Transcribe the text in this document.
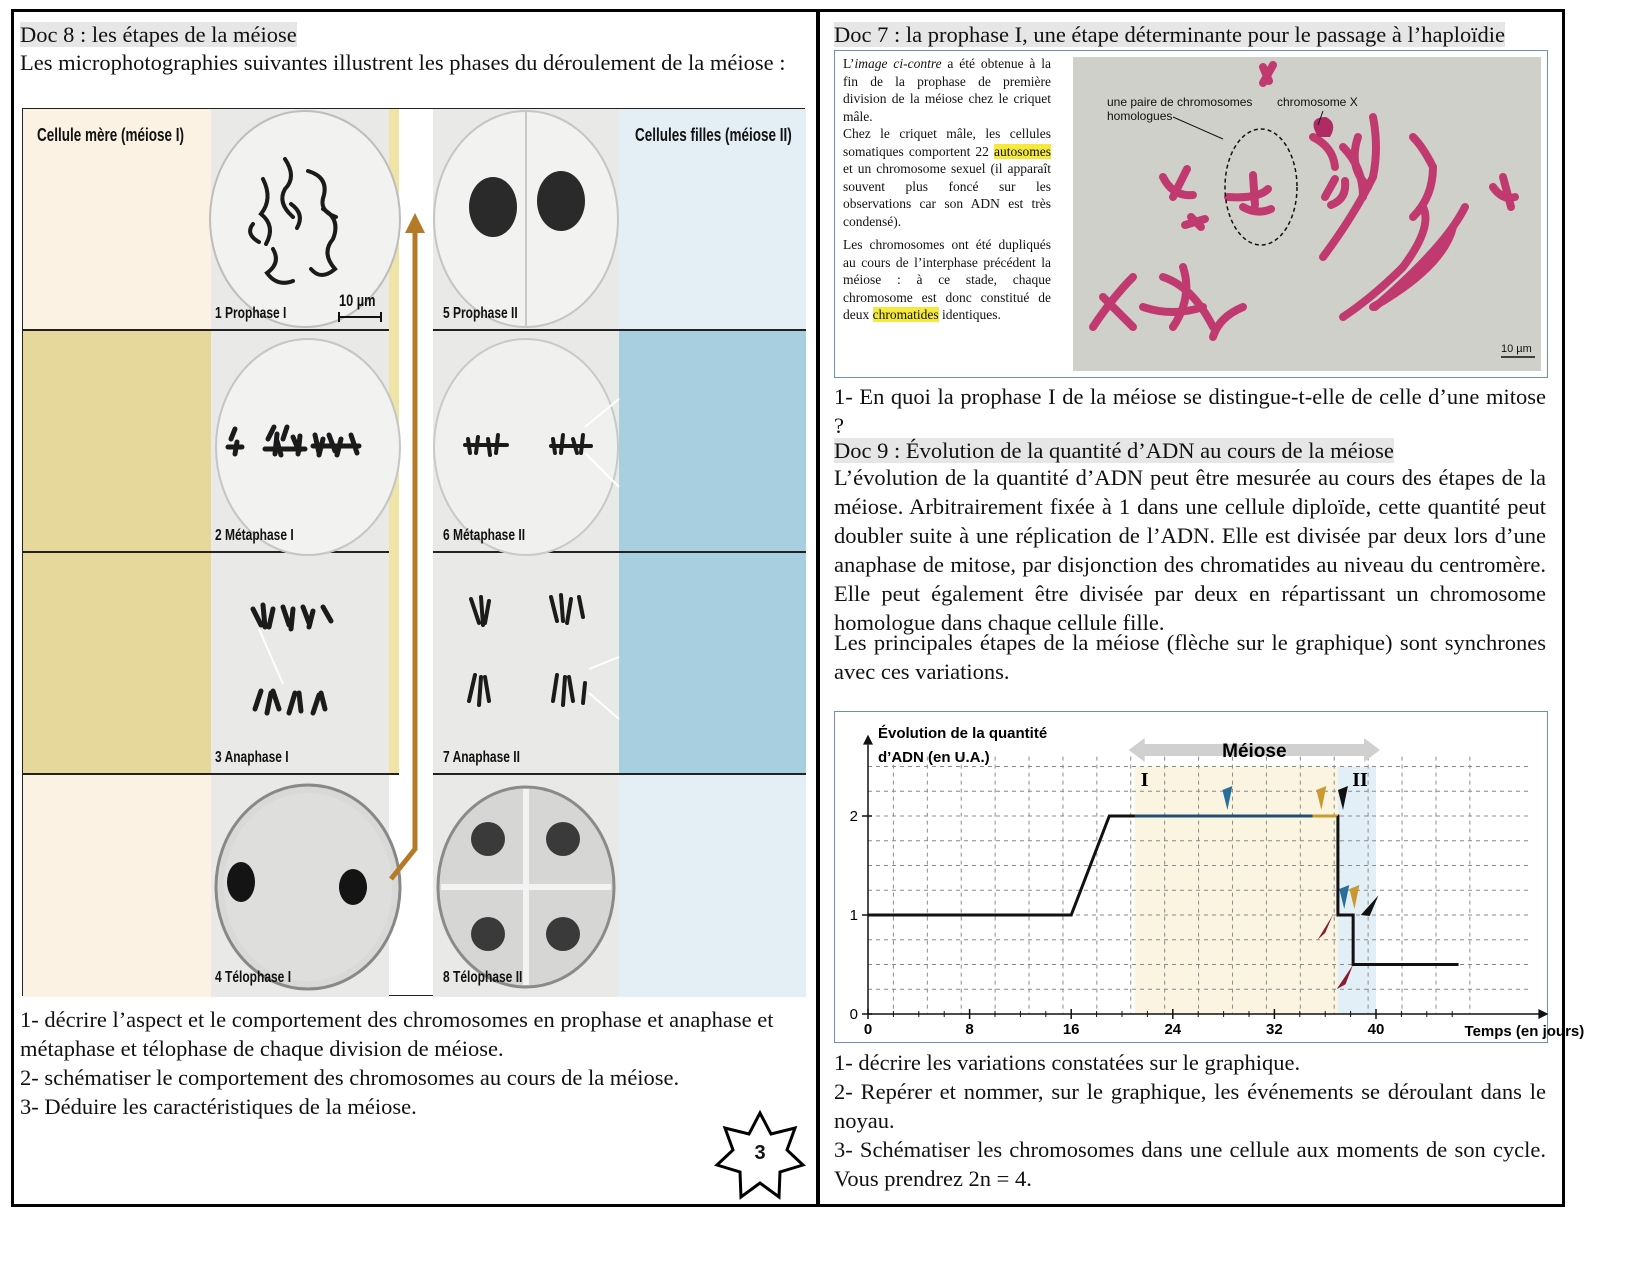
Doc 8 : les étapes de la méiose
Les microphotographies suivantes illustrent les phases du déroulement de la méiose :
Cellule mère (méiose I)	Cellules filles (méiose II)
10 µm
1 Prophase I
2 Métaphase I
3 Anaphase I
4 Télophase I
5 Prophase II
6 Métaphase II
7 Anaphase II
8 Télophase II
1- décrire l’aspect et le comportement des chromosomes en prophase et anaphase et métaphase et télophase de chaque division de méiose.
2- schématiser le comportement des chromosomes au cours de la méiose.
3- Déduire les caractéristiques de la méiose.
3
Doc 7 : la prophase I, une étape déterminante pour le passage à l’haploïdie
L’image ci-contre a été obtenue à la fin de la prophase de première division de la méiose chez le criquet mâle.
Chez le criquet mâle, les cellules somatiques comportent 22 autosomes et un chromosome sexuel (il apparaît souvent plus foncé sur les observations car son ADN est très condensé).
Les chromosomes ont été dupliqués au cours de l’interphase précédent la méiose : à ce stade, chaque chromosome est donc constitué de deux chromatides identiques.
une paire de chromosomes homologues
chromosome X
10 µm
1- En quoi la prophase I de la méiose se distingue-t-elle de celle d’une mitose ?
Doc 9 : Évolution de la quantité d’ADN au cours de la méiose
L’évolution de la quantité d’ADN peut être mesurée au cours des étapes de la méiose. Arbitrairement fixée à 1 dans une cellule diploïde, cette quantité peut doubler suite à une réplication de l’ADN. Elle est divisée par deux lors d’une anaphase de mitose, par disjonction des chromatides au niveau du centromère. Elle peut également être divisée par deux en répartissant un chromosome homologue dans chaque cellule fille.
Les principales étapes de la méiose (flèche sur le graphique) sont synchrones avec ces variations.
0	8	16	24	32	40
0
1
2
Évolution de la quantité
d’ADN (en U.A.)
Temps (en jours)
Méiose
I	II
1- décrire les variations constatées sur le graphique.
2- Repérer et nommer, sur le graphique, les événements se déroulant dans le noyau.
3- Schématiser les chromosomes dans une cellule aux moments de son cycle. Vous prendrez 2n = 4.
